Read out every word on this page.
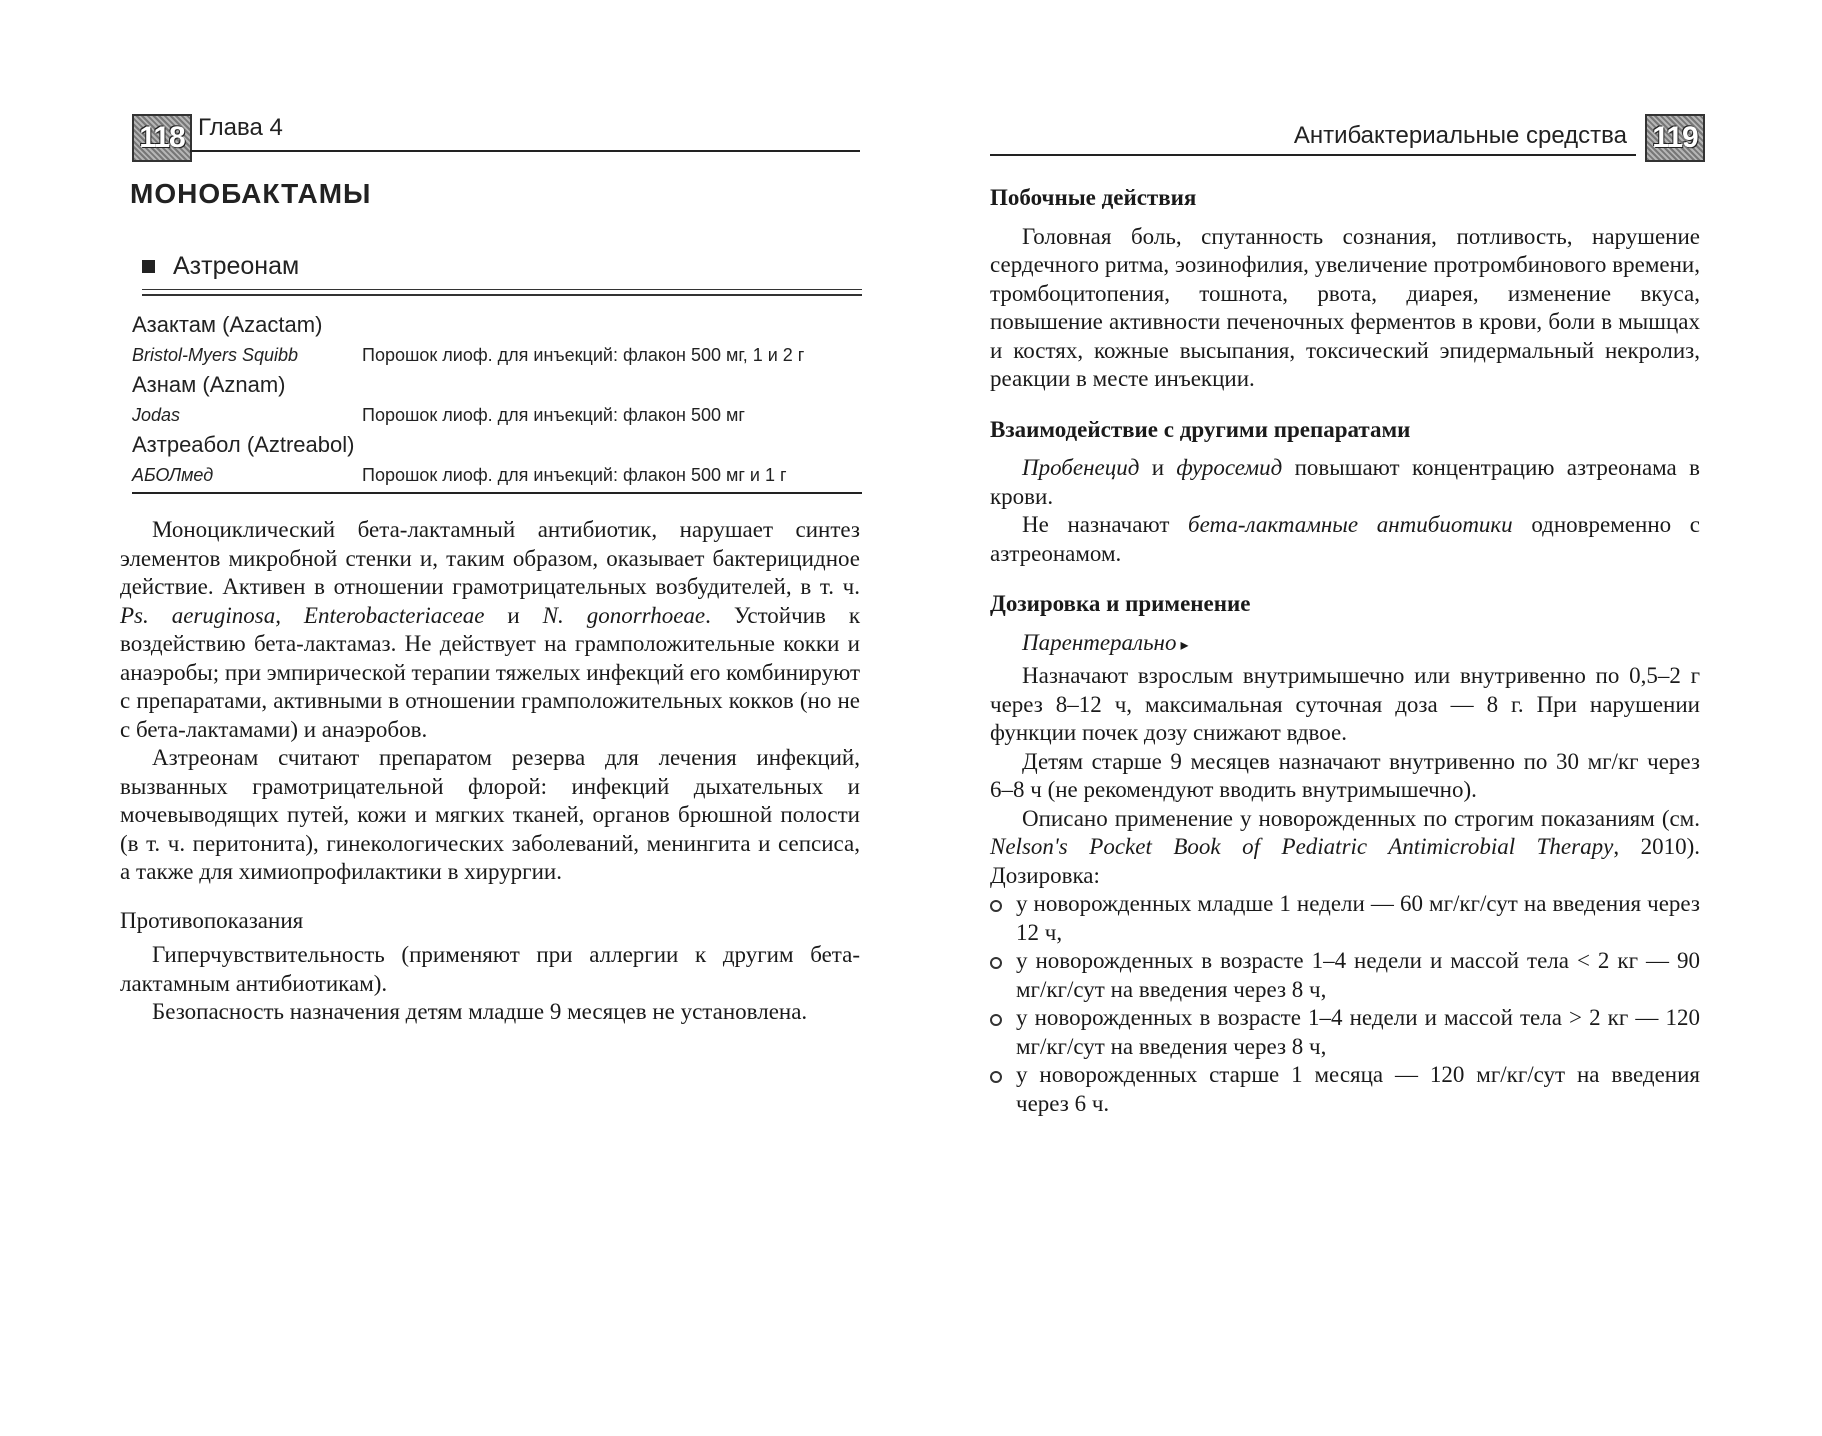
118 Глава 4
МОНОБАКТАМЫ
Азтреонам
Азактам (Azactam)
Bristol-Myers Squibb	Порошок лиоф. для инъекций: флакон 500 мг, 1 и 2 г
Азнам (Aznam)
Jodas	Порошок лиоф. для инъекций: флакон 500 мг
Азтреабол (Aztreabol)
АБОЛмед	Порошок лиоф. для инъекций: флакон 500 мг и 1 г

Моноциклический бета-лактамный антибиотик, нарушает синтез элементов микробной стенки и, таким образом, оказывает бактерицидное действие. Активен в отношении грамотрицательных возбудителей, в т. ч. Ps. aeruginosa, Enterobacteriaceae и N. gonorrhoeae. Устойчив к воздействию бета-лактамаз. Не действует на грамположительные кокки и анаэробы; при эмпирической терапии тяжелых инфекций его комбинируют с препаратами, активными в отношении грамположительных кокков (но не с бета-лактамами) и анаэробов.

Азтреонам считают препаратом резерва для лечения инфекций, вызванных грамотрицательной флорой: инфекций дыхательных и мочевыводящих путей, кожи и мягких тканей, органов брюшной полости (в т. ч. перитонита), гинекологических заболеваний, менингита и сепсиса, а также для химиопрофилактики в хирургии.

Противопоказания

Гиперчувствительность (применяют при аллергии к другим бета-лактамным антибиотикам).

Безопасность назначения детям младше 9 месяцев не установлена.

Антибактериальные средства 119
Побочные действия

Головная боль, спутанность сознания, потливость, нарушение сердечного ритма, эозинофилия, увеличение протромбинового времени, тромбоцитопения, тошнота, рвота, диарея, изменение вкуса, повышение активности печеночных ферментов в крови, боли в мышцах и костях, кожные высыпания, токсический эпидермальный некролиз, реакции в месте инъекции.

Взаимодействие с другими препаратами

Пробенецид и фуросемид повышают концентрацию азтреонама в крови.

Не назначают бета-лактамные антибиотики одновременно с азтреонамом.

Дозировка и применение
Парентерально ▸

Назначают взрослым внутримышечно или внутривенно по 0,5–2 г через 8–12 ч, максимальная суточная доза — 8 г. При нарушении функции почек дозу снижают вдвое.

Детям старше 9 месяцев назначают внутривенно по 30 мг/кг через 6–8 ч (не рекомендуют вводить внутримышечно).

Описано применение у новорожденных по строгим показаниям (см. Nelson's Pocket Book of Pediatric Antimicrobial Therapy, 2010). Дозировка:

у новорожденных младше 1 недели — 60 мг/кг/сут на введения через 12 ч,
у новорожденных в возрасте 1–4 недели и массой тела < 2 кг — 90 мг/кг/сут на введения через 8 ч,
у новорожденных в возрасте 1–4 недели и массой тела > 2 кг — 120 мг/кг/сут на введения через 8 ч,
у новорожденных старше 1 месяца — 120 мг/кг/сут на введения через 6 ч.
